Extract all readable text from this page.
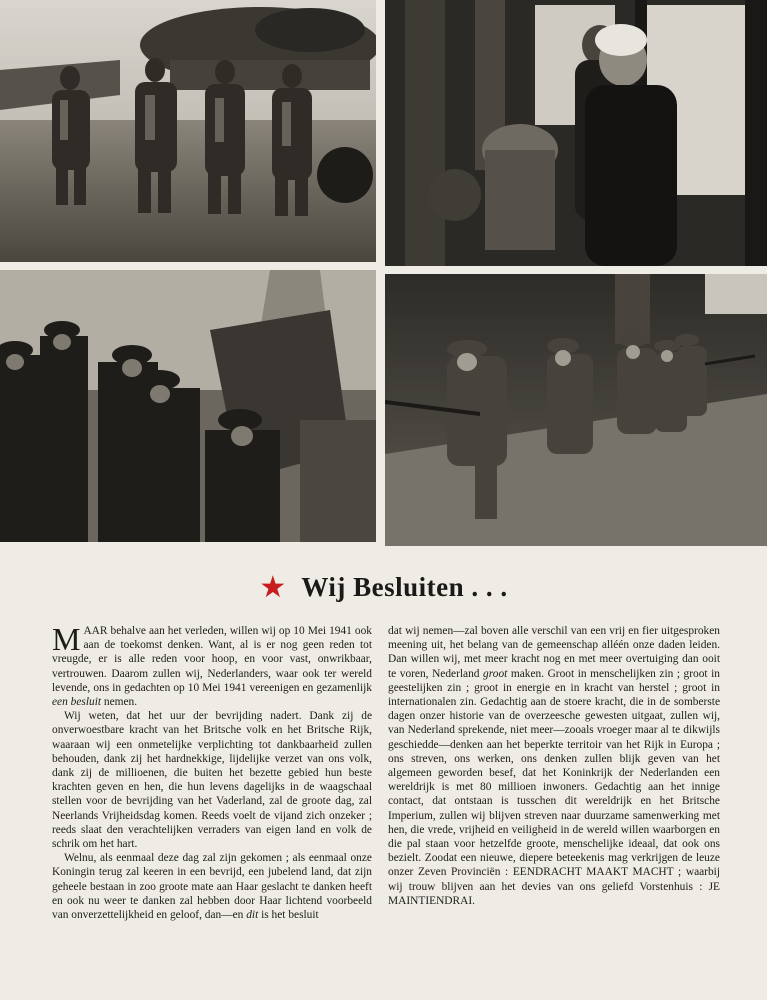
★ Wij Besluiten . . .

MAAR behalve aan het verleden, willen wij op 10 Mei 1941 ook aan de toekomst denken. Want, al is er nog geen reden tot vreugde, er is alle reden voor hoop, en voor vast, onwrikbaar, vertrouwen. Daarom zullen wij, Nederlanders, waar ook ter wereld levende, ons in gedachten op 10 Mei 1941 vereenigen en gezamenlijk een besluit nemen.

Wij weten, dat het uur der bevrijding nadert. Dank zij de onverwoestbare kracht van het Britsche volk en het Britsche Rijk, waaraan wij een onmetelijke verplichting tot dankbaarheid zullen behouden, dank zij het hardnekkige, lijdelijke verzet van ons volk, dank zij de millioenen, die buiten het bezette gebied hun beste krachten geven en hen, die hun levens dagelijks in de waagschaal stellen voor de bevrijding van het Vaderland, zal de groote dag, zal Neerlands Vrijheidsdag komen. Reeds voelt de vijand zich onzeker ; reeds slaat den verachtelijken verraders van eigen land en volk de schrik om het hart.

Welnu, als eenmaal deze dag zal zijn gekomen ; als eenmaal onze Koningin terug zal keeren in een bevrijd, een jubelend land, dat zijn geheele bestaan in zoo groote mate aan Haar geslacht te danken heeft en ook nu weer te danken zal hebben door Haar lichtend voorbeeld van onverzettelijkheid en geloof, dan—en dit is het besluit

dat wij nemen—zal boven alle verschil van een vrij en fier uitgesproken meening uit, het belang van de gemeenschap alléén onze daden leiden. Dan willen wij, met meer kracht nog en met meer overtuiging dan ooit te voren, Nederland groot maken. Groot in menschelijken zin ; groot in geestelijken zin ; groot in energie en in kracht van herstel ; groot in internationalen zin. Gedachtig aan de stoere kracht, die in de somberste dagen onzer historie van de overzeesche gewesten uitgaat, zullen wij, van Nederland sprekende, niet meer—zooals vroeger maar al te dikwijls geschiedde—denken aan het beperkte territoir van het Rijk in Europa ; ons streven, ons werken, ons denken zullen blijk geven van het algemeen geworden besef, dat het Koninkrijk der Nederlanden een wereldrijk is met 80 millioen inwoners. Gedachtig aan het innige contact, dat ontstaan is tusschen dit wereldrijk en het Britsche Imperium, zullen wij blijven streven naar duurzame samenwerking met hen, die vrede, vrijheid en veiligheid in de wereld willen waarborgen en die pal staan voor hetzelfde groote, menschelijke ideaal, dat ook ons bezielt. Zoodat een nieuwe, diepere beteekenis mag verkrijgen de leuze onzer Zeven Provinciën : EENDRACHT MAAKT MACHT ; waarbij wij trouw blijven aan het devies van ons geliefd Vorstenhuis : JE MAINTIENDRAI.
